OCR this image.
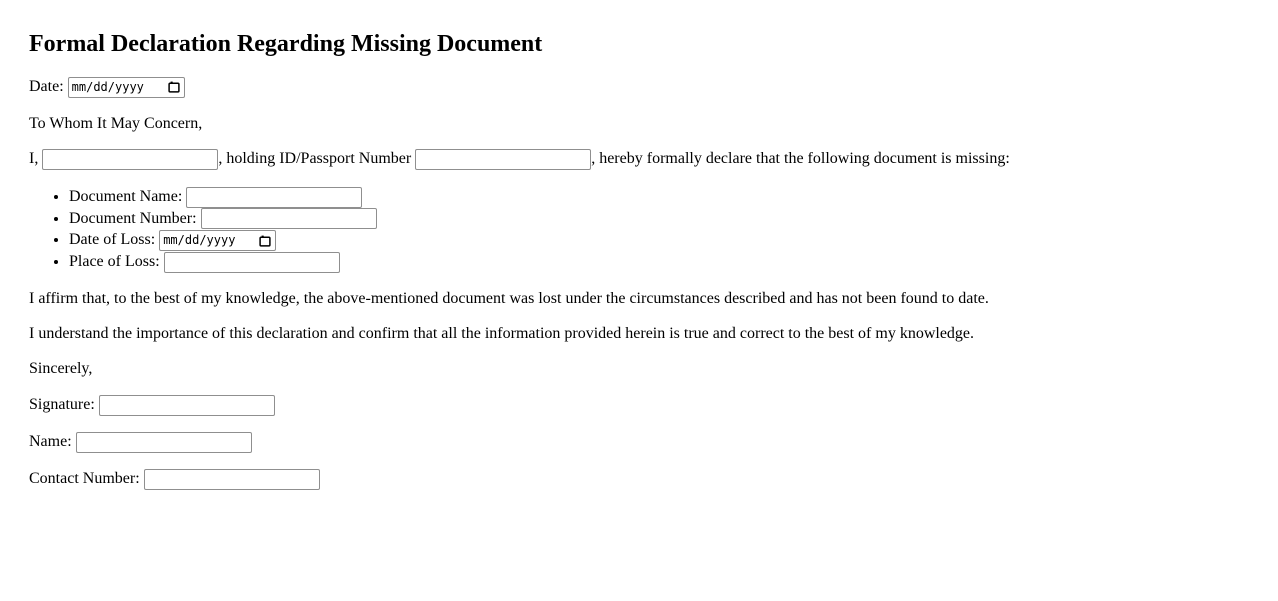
Formal Declaration Regarding Missing Document

Date: mm/dd/yyyy

To Whom It May Concern,

I,	, holding ID/Passport Number	, hereby formally declare that the following document is missing:

• Document Name:
• Document Number:
• Date of Loss: mm/dd/yyyy
• Place of Loss:

I affirm that, to the best of my knowledge, the above-mentioned document was lost under the circumstances described and has not been found to date.

I understand the importance of this declaration and confirm that all the information provided herein is true and correct to the best of my knowledge.

Sincerely,

Signature:

Name:

Contact Number:
